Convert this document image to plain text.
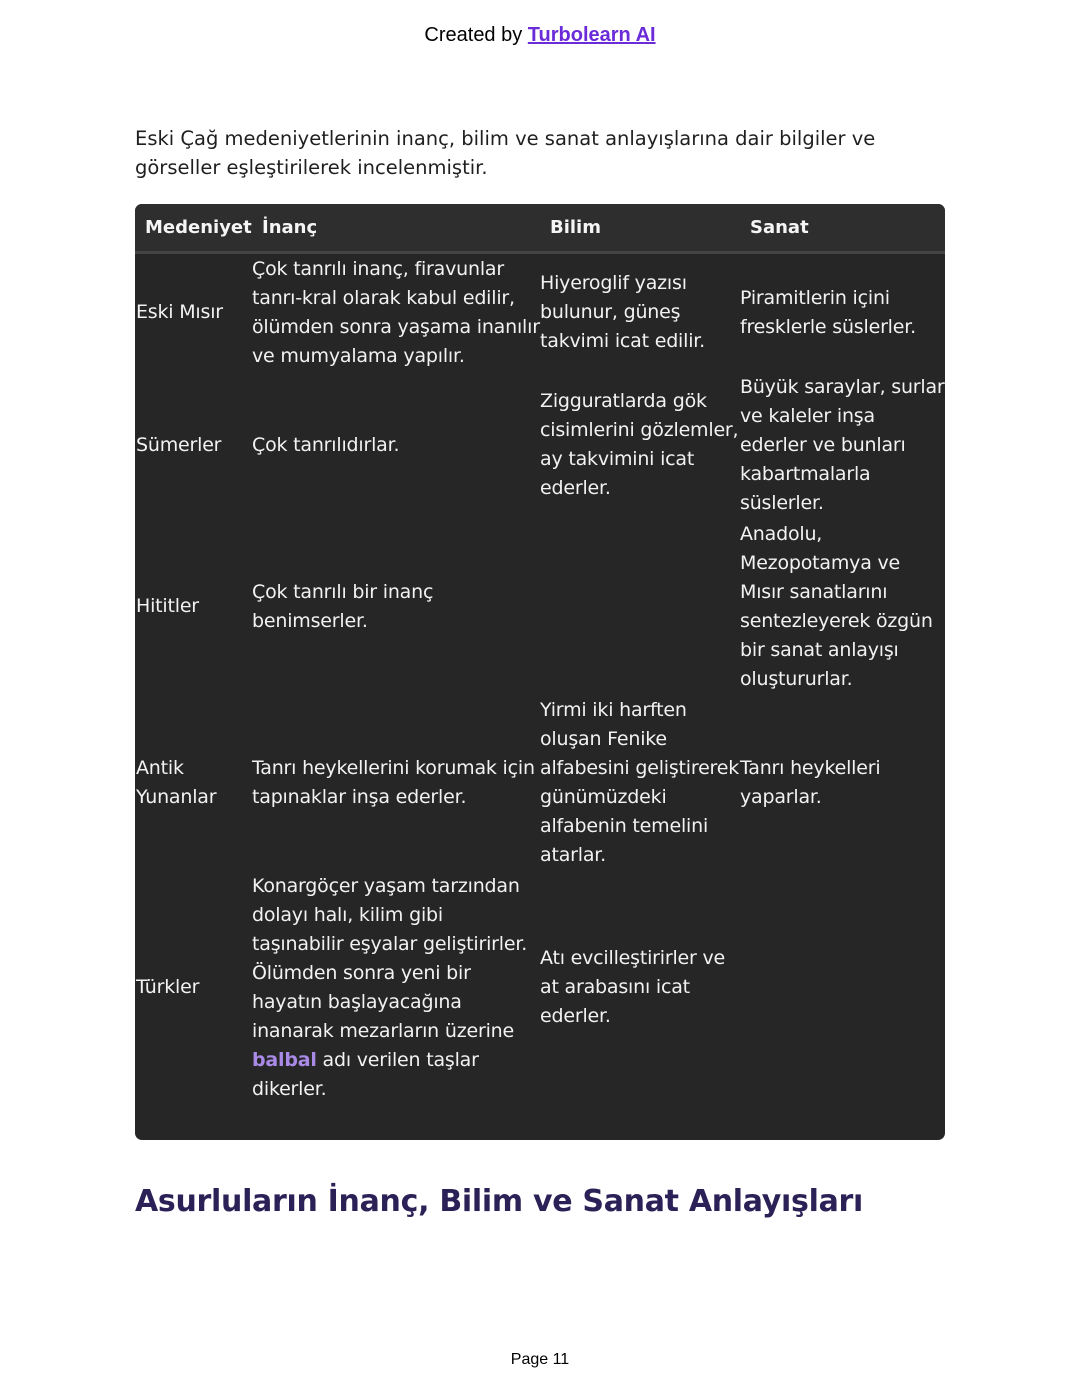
Created by Turbolearn AI
Eski Çağ medeniyetlerinin inanç, bilim ve sanat anlayışlarına dair bilgiler ve görseller eşleştirilerek incelenmiştir.
Medeniyet	İnanç	Bilim	Sanat
Eski Mısır	Çok tanrılı inanç, firavunlar tanrı-kral olarak kabul edilir, ölümden sonra yaşama inanılır ve mumyalama yapılır.	Hiyeroglif yazısı bulunur, güneş takvimi icat edilir.	Piramitlerin içini fresklerle süslerler.
Sümerler	Çok tanrılıdırlar.	Zigguratlarda gök cisimlerini gözlemler, ay takvimini icat ederler.	Büyük saraylar, surlar ve kaleler inşa ederler ve bunları kabartmalarla süslerler.
Hititler	Çok tanrılı bir inanç benimserler.		Anadolu, Mezopotamya ve Mısır sanatlarını sentezleyerek özgün bir sanat anlayışı oluştururlar.
Antik Yunanlar	Tanrı heykellerini korumak için tapınaklar inşa ederler.	Yirmi iki harften oluşan Fenike alfabesini geliştirerek günümüzdeki alfabenin temelini atarlar.	Tanrı heykelleri yaparlar.
Türkler	Konargöçer yaşam tarzından dolayı halı, kilim gibi taşınabilir eşyalar geliştirirler. Ölümden sonra yeni bir hayatın başlayacağına inanarak mezarların üzerine balbal adı verilen taşlar dikerler.	Atı evcilleştirirler ve at arabasını icat ederler.	
Asurluların İnanç, Bilim ve Sanat Anlayışları
Page 11
